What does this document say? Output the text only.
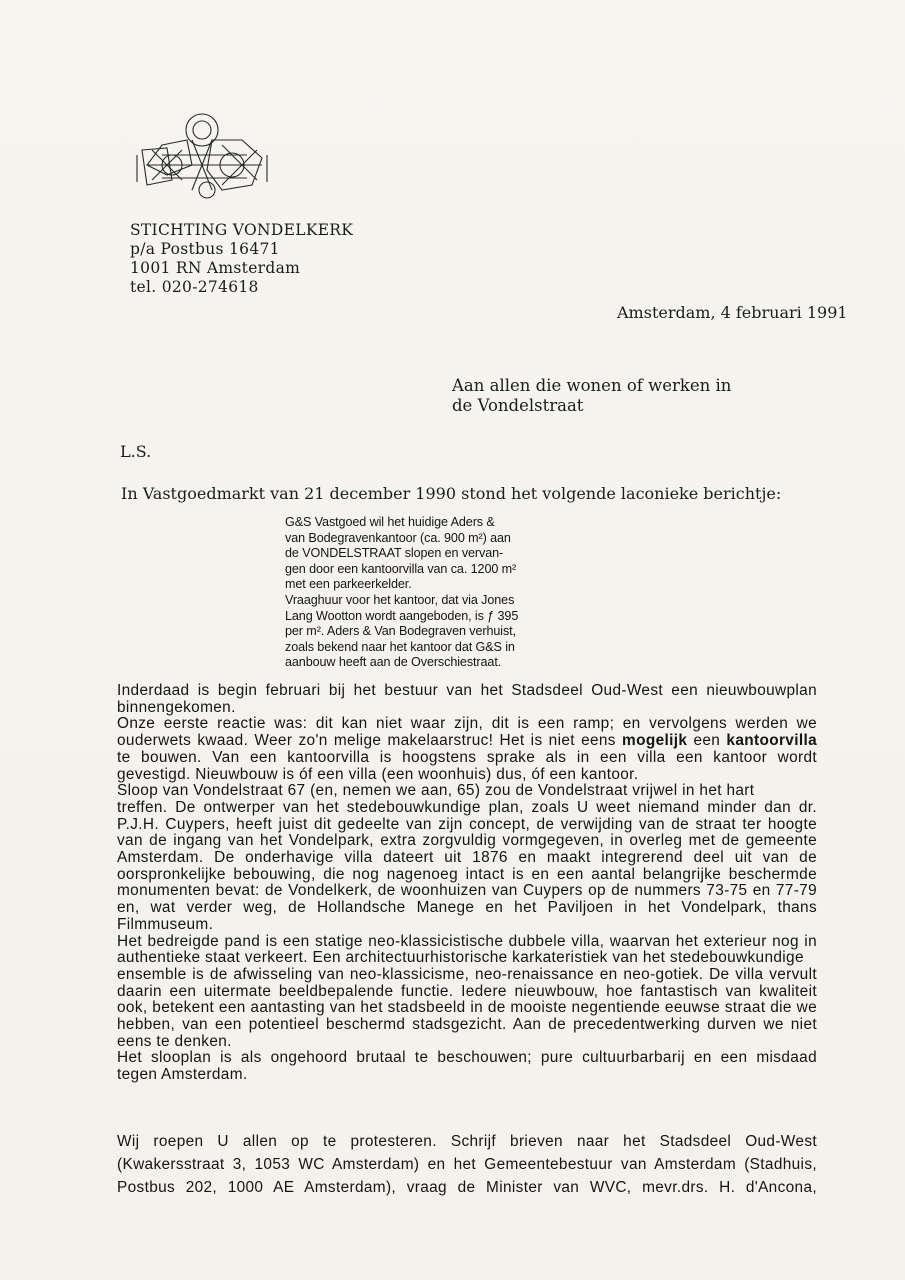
STICHTING VONDELKERK
p/a Postbus 16471
1001 RN Amsterdam
tel. 020-274618
Amsterdam, 4 februari 1991
Aan allen die wonen of werken in
de Vondelstraat
L.S.
In Vastgoedmarkt van 21 december 1990 stond het volgende laconieke berichtje:
G&S Vastgoed wil het huidige Aders &
van Bodegravenkantoor (ca. 900 m²) aan
de VONDELSTRAAT slopen en vervan-
gen door een kantoorvilla van ca. 1200 m²
met een parkeerkelder.
Vraaghuur voor het kantoor, dat via Jones
Lang Wootton wordt aangeboden, is ƒ 395
per m². Aders & Van Bodegraven verhuist,
zoals bekend naar het kantoor dat G&S in
aanbouw heeft aan de Overschiestraat.
Inderdaad is begin februari bij het bestuur van het Stadsdeel Oud-West een nieuwbouwplan
binnengekomen.
Onze eerste reactie was: dit kan niet waar zijn, dit is een ramp; en vervolgens werden we
ouderwets kwaad. Weer zo'n melige makelaarstruc! Het is niet eens mogelijk een kantoorvilla
te bouwen. Van een kantoorvilla is hoogstens sprake als in een villa een kantoor wordt
gevestigd. Nieuwbouw is óf een villa (een woonhuis) dus, óf een kantoor.
Sloop van Vondelstraat 67 (en, nemen we aan, 65) zou de Vondelstraat vrijwel in het hart
treffen. De ontwerper van het stedebouwkundige plan, zoals U weet niemand minder dan dr.
P.J.H. Cuypers, heeft juist dit gedeelte van zijn concept, de verwijding van de straat ter hoogte
van de ingang van het Vondelpark, extra zorgvuldig vormgegeven, in overleg met de gemeente
Amsterdam. De onderhavige villa dateert uit 1876 en maakt integrerend deel uit van de
oorspronkelijke bebouwing, die nog nagenoeg intact is en een aantal belangrijke beschermde
monumenten bevat: de Vondelkerk, de woonhuizen van Cuypers op de nummers 73-75 en 77-79
en, wat verder weg, de Hollandsche Manege en het Paviljoen in het Vondelpark, thans
Filmmuseum.
Het bedreigde pand is een statige neo-klassicistische dubbele villa, waarvan het exterieur nog in
authentieke staat verkeert. Een architectuurhistorische karkateristiek van het stedebouwkundige
ensemble is de afwisseling van neo-klassicisme, neo-renaissance en neo-gotiek. De villa vervult
daarin een uitermate beeldbepalende functie. Iedere nieuwbouw, hoe fantastisch van kwaliteit
ook, betekent een aantasting van het stadsbeeld in de mooiste negentiende eeuwse straat die we
hebben, van een potentieel beschermd stadsgezicht. Aan de precedentwerking durven we niet
eens te denken.
Het slooplan is als ongehoord brutaal te beschouwen; pure cultuurbarbarij en een misdaad
tegen Amsterdam.
Wij roepen U allen op te protesteren. Schrijf brieven naar het Stadsdeel Oud-West
(Kwakersstraat 3, 1053 WC Amsterdam) en het Gemeentebestuur van Amsterdam (Stadhuis,
Postbus 202, 1000 AE Amsterdam), vraag de Minister van WVC, mevr.drs. H. d'Ancona,
